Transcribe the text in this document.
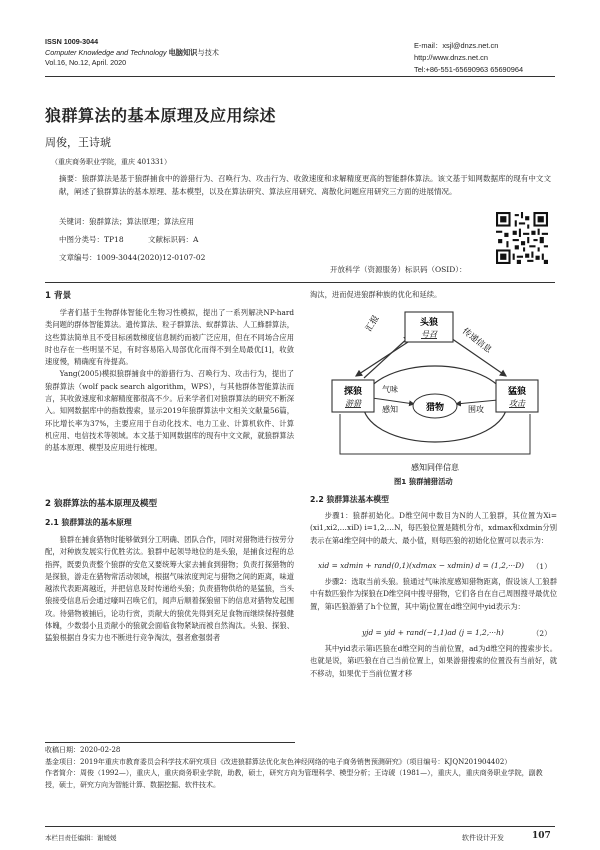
ISSN 1009-3044
Computer Knowledge and Technology 电脑知识与技术
Vol.16, No.12, April. 2020
E-mail：xsjl@dnzs.net.cn
http://www.dnzs.net.cn
Tel:+86-551-65690963 65690964
狼群算法的基本原理及应用综述
周俊，王诗琥
（重庆商务职业学院，重庆 401331）
摘要：狼群算法是基于狼群捕食中的游猎行为、召唤行为、攻击行为、收敛速度和求解精度更高的智能群体算法。该文基于知网数据库的现有中文文献，阐述了狼群算法的基本原理、基本模型，以及在算法研究、算法应用研究、离散化问题应用研究三方面的进展情况。
关键词：狼群算法；算法原理；算法应用
中图分类号：TP18	文献标识码：A
文章编号：1009-3044(2020)12-0107-02
开放科学（资源服务）标识码（OSID）：
1 背景

学者们基于生物群体智能化生物习性模拟，提出了一系列解决NP-hard类问题的群体智能算法。遗传算法、粒子群算法、蚁群算法、人工蜂群算法，这些算法简单且不受目标函数梯度信息制约而被广泛应用，但在不同场合应用时也存在一些明显不足，有时容易陷入局部优化而得不到全局最优[1]，收敛速度慢，精确度有待提高。

Yang(2005)模拟狼群捕食中的游猎行为、召唤行为、攻击行为，提出了狼群算法（wolf pack search algorithm，WPS），与其他群体智能算法而言，其收敛速度和求解精度都很高不少。后来学者们对狼群算法的研究不断深入。知网数据库中的指数搜索，显示2019年狼群算法中文相关文献量56篇，环比增长率为37%，主要应用于自动化技术、电力工业、计算机软件、计算机应用、电信技术等领域。本文基于知网数据库的现有中文文献，就狼群算法的基本原理、模型及应用进行梳理。

2 狼群算法的基本原理及模型
2.1 狼群算法的基本原理

狼群在捕食猎物时能够做到分工明确、团队合作，同时对猎物进行按劳分配，对种族发展实行优胜劣汰。狼群中起领导地位的是头狼，是捕食过程的总指挥，既要负责整个狼群的安危又要统筹大家去捕食到猎物；负责打探猎物的是探狼，游走在猎物常活动领域，根据气味浓度判定与猎物之间的距离，味道越浓代表距离越近，并把信息及时传递给头狼；负责猎物供给的是猛狼，当头狼接受信息后会通过嚎叫召唤它们，闻声后顺着探狼留下的信息对猎物发起围攻。待猎物被捕后，论功行赏，贡献大的狼优先得到充足食物而继续保持强健体魄，少数弱小且贡献小的狼就会面临食物紧缺而被自然淘汰。头狼、探狼、猛狼根据自身实力也不断进行竞争淘汰，强者愈强弱者

淘汰，进而促进狼群种族的优化和延续。

头狼
号召
探狼
游猎
猛狼
攻击
猎物
汇报
传递信息
气味
感知	围攻
感知同伴信息
图1 狼群捕猎活动
2.2 狼群算法基本模型

步骤1：狼群初始化。D维空间中数目为N的人工狼群，其位置为Xi=(xi1,xi2,…xiD) i=1,2,…N，每匹狼位置是随机分布，xdmax和xdmin分别表示在第d维空间中的最大、最小值，则每匹狼的初始化位置可以表示为：

xid = xdmin + rand(0,1)(xdmax − xdmin) d = (1,2,···D) （1）

步骤2：选取当前头狼。狼通过气味浓度感知猎物距离，假设该人工狼群中有数匹狼作为探狼在D维空间中搜寻猎物，它们各自在自己周围搜寻最优位置，第i匹狼游猎了h个位置，其中第j位置在d维空间中yid表示为：

yjd = yid + rand(−1,1)ad (j = 1,2,···h)	（2）

其中yid表示第i匹狼在d维空间的当前位置，ad为d维空间的搜索步长。也就是说，第i匹狼在自己当前位置上，如果游猎搜索的位置没有当前好，就不移动，如果优于当前位置才移

收稿日期：2020-02-28
基金项目：2019年重庆市教育委员会科学技术研究项目《改进狼群算法优化灰色神经网络的电子商务销售预测研究》（项目编号：KJQN201904402）
作者简介：周俊（1992—），重庆人，重庆商务职业学院，助教，硕士，研究方向为管理科学、模型分析；王诗琥（1981—），重庆人，重庆商务职业学院，副教授，硕士，研究方向为智能计算、数据挖掘、软件技术。
本栏目责任编辑：谢媛媛	软件设计开发	107
